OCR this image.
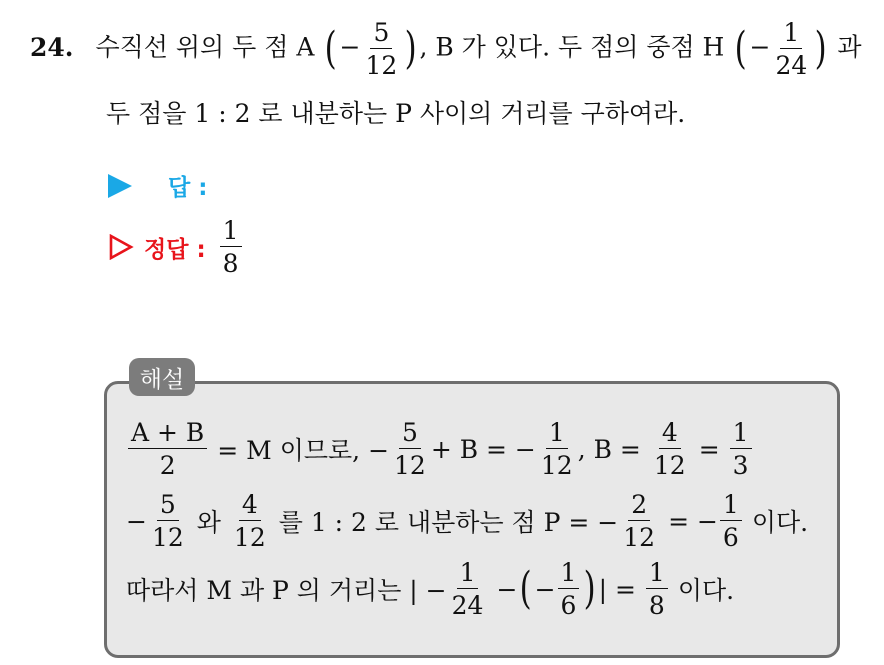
24. 수직선 위의 두 점 A ( − $\frac{5}{12}$ ) , B 가 있다. 두 점의 중점 H ( − $\frac{1}{24}$ ) 과
두 점을 1 : 2 로 내분하는 P 사이의 거리를 구하여라.
답 :
정답 : $\frac{1}{8}$
해설
$\frac{A + B}{2} = M$ 이므로, − $\frac{5}{12} + B$ = − $\frac{1}{12}$ , $B = \frac{4}{12} = \frac{1}{3}$
− $\frac{5}{12}$ 와 $\frac{4}{12}$ 를 1 : 2 로 내분하는 점 P = − $\frac{2}{12}$ = − $\frac{1}{6}$ 이다.
따라서 M 과 P 의 거리는 | − $\frac{1}{24}$ − ( − $\frac{1}{6}$ ) | = $\frac{1}{8}$ 이다.
